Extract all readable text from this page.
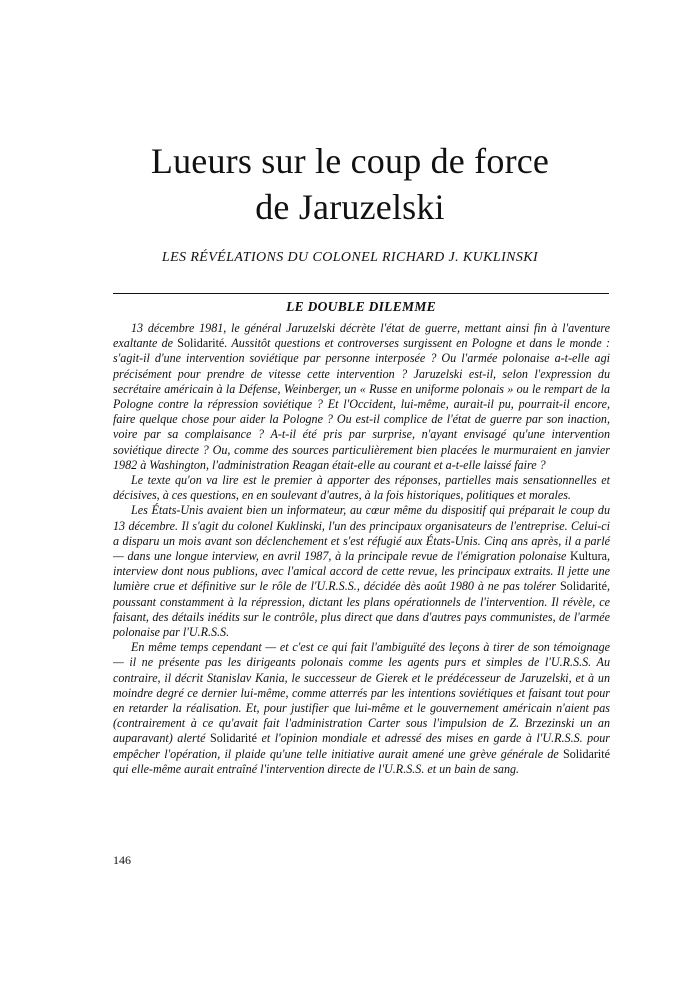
Lueurs sur le coup de force
de Jaruzelski

LES RÉVÉLATIONS DU COLONEL RICHARD J. KUKLINSKI

LE DOUBLE DILEMME

13 décembre 1981, le général Jaruzelski décrète l'état de guerre, mettant ainsi fin à l'aventure exaltante de Solidarité. Aussitôt questions et controverses surgissent en Pologne et dans le monde : s'agit-il d'une intervention soviétique par personne interposée ? Ou l'armée polonaise a-t-elle agi précisément pour prendre de vitesse cette intervention ? Jaruzelski est-il, selon l'expression du secrétaire américain à la Défense, Weinberger, un « Russe en uniforme polonais » ou le rempart de la Pologne contre la répression soviétique ? Et l'Occident, lui-même, aurait-il pu, pourrait-il encore, faire quelque chose pour aider la Pologne ? Ou est-il complice de l'état de guerre par son inaction, voire par sa complaisance ? A-t-il été pris par surprise, n'ayant envisagé qu'une intervention soviétique directe ? Ou, comme des sources particulièrement bien placées le murmuraient en janvier 1982 à Washington, l'administration Reagan était-elle au courant et a-t-elle laissé faire ?

Le texte qu'on va lire est le premier à apporter des réponses, partielles mais sensationnelles et décisives, à ces questions, en en soulevant d'autres, à la fois historiques, politiques et morales.

Les États-Unis avaient bien un informateur, au cœur même du dispositif qui préparait le coup du 13 décembre. Il s'agit du colonel Kuklinski, l'un des principaux organisateurs de l'entreprise. Celui-ci a disparu un mois avant son déclenchement et s'est réfugié aux États-Unis. Cinq ans après, il a parlé — dans une longue interview, en avril 1987, à la principale revue de l'émigration polonaise Kultura, interview dont nous publions, avec l'amical accord de cette revue, les principaux extraits. Il jette une lumière crue et définitive sur le rôle de l'U.R.S.S., décidée dès août 1980 à ne pas tolérer Solidarité, poussant constamment à la répression, dictant les plans opérationnels de l'intervention. Il révèle, ce faisant, des détails inédits sur le contrôle, plus direct que dans d'autres pays communistes, de l'armée polonaise par l'U.R.S.S.

En même temps cependant — et c'est ce qui fait l'ambiguïté des leçons à tirer de son témoignage — il ne présente pas les dirigeants polonais comme les agents purs et simples de l'U.R.S.S. Au contraire, il décrit Stanislav Kania, le successeur de Gierek et le prédécesseur de Jaruzelski, et à un moindre degré ce dernier lui-même, comme atterrés par les intentions soviétiques et faisant tout pour en retarder la réalisation. Et, pour justifier que lui-même et le gouvernement américain n'aient pas (contrairement à ce qu'avait fait l'administration Carter sous l'impulsion de Z. Brzezinski un an auparavant) alerté Solidarité et l'opinion mondiale et adressé des mises en garde à l'U.R.S.S. pour empêcher l'opération, il plaide qu'une telle initiative aurait amené une grève générale de Solidarité qui elle-même aurait entraîné l'intervention directe de l'U.R.S.S. et un bain de sang.

146
